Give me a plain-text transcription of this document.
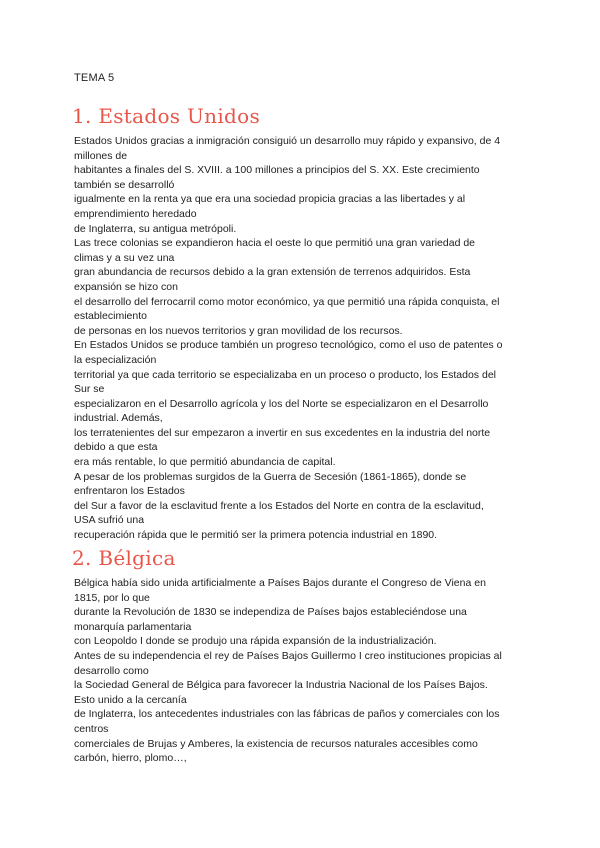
TEMA 5
1. Estados Unidos
Estados Unidos gracias a inmigración consiguió un desarrollo muy rápido y expansivo, de 4
millones de
habitantes a finales del S. XVIII. a 100 millones a principios del S. XX. Este crecimiento
también se desarrolló
igualmente en la renta ya que era una sociedad propicia gracias a las libertades y al
emprendimiento heredado
de Inglaterra, su antigua metrópoli.
Las trece colonias se expandieron hacia el oeste lo que permitió una gran variedad de
climas y a su vez una
gran abundancia de recursos debido a la gran extensión de terrenos adquiridos. Esta
expansión se hizo con
el desarrollo del ferrocarril como motor económico, ya que permitió una rápida conquista, el
establecimiento
de personas en los nuevos territorios y gran movilidad de los recursos.
En Estados Unidos se produce también un progreso tecnológico, como el uso de patentes o
la especialización
territorial ya que cada territorio se especializaba en un proceso o producto, los Estados del
Sur se
especializaron en el Desarrollo agrícola y los del Norte se especializaron en el Desarrollo
industrial. Además,
los terratenientes del sur empezaron a invertir en sus excedentes en la industria del norte
debido a que esta
era más rentable, lo que permitió abundancia de capital.
A pesar de los problemas surgidos de la Guerra de Secesión (1861-1865), donde se
enfrentaron los Estados
del Sur a favor de la esclavitud frente a los Estados del Norte en contra de la esclavitud,
USA sufrió una
recuperación rápida que le permitió ser la primera potencia industrial en 1890.
2. Bélgica
Bélgica había sido unida artificialmente a Países Bajos durante el Congreso de Viena en
1815, por lo que
durante la Revolución de 1830 se independiza de Países bajos estableciéndose una
monarquía parlamentaria
con Leopoldo I donde se produjo una rápida expansión de la industrialización.
Antes de su independencia el rey de Países Bajos Guillermo I creo instituciones propicias al
desarrollo como
la Sociedad General de Bélgica para favorecer la Industria Nacional de los Países Bajos.
Esto unido a la cercanía
de Inglaterra, los antecedentes industriales con las fábricas de paños y comerciales con los
centros
comerciales de Brujas y Amberes, la existencia de recursos naturales accesibles como
carbón, hierro, plomo…,
